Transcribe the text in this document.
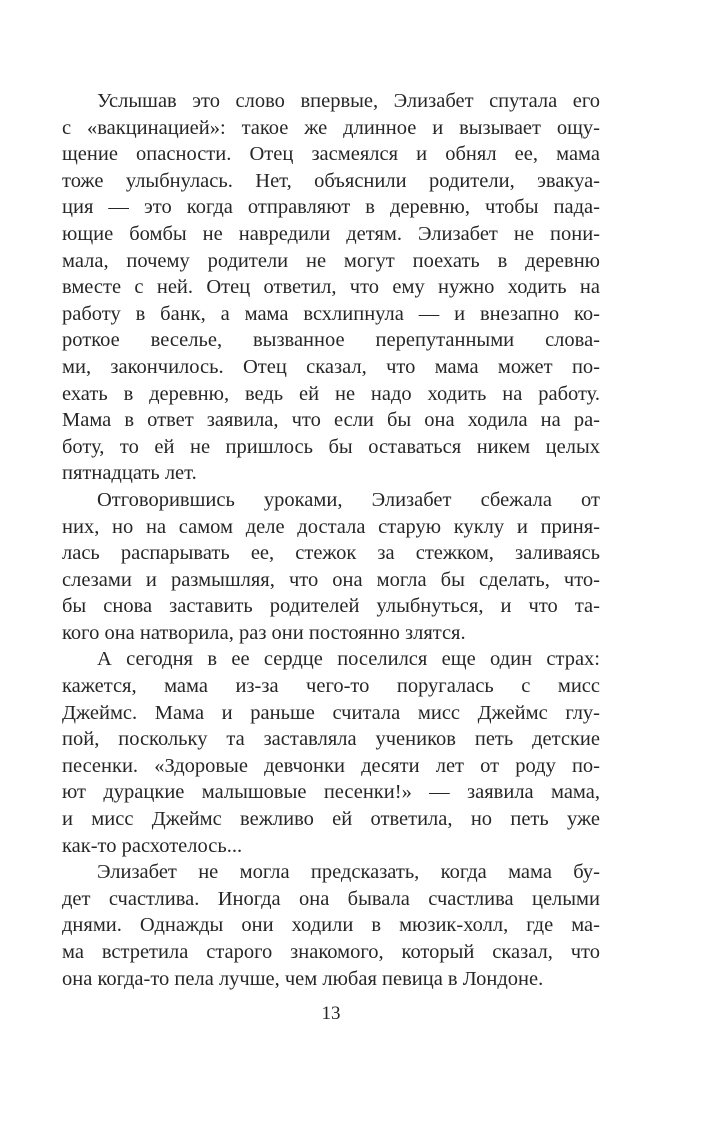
Услышав это слово впервые, Элизабет спутала его
с «вакцинацией»: такое же длинное и вызывает ощу-
щение опасности. Отец засмеялся и обнял ее, мама
тоже улыбнулась. Нет, объяснили родители, эвакуа-
ция — это когда отправляют в деревню, чтобы пада-
ющие бомбы не навредили детям. Элизабет не пони-
мала, почему родители не могут поехать в деревню
вместе с ней. Отец ответил, что ему нужно ходить на
работу в банк, а мама всхлипнула — и внезапно ко-
роткое веселье, вызванное перепутанными слова-
ми, закончилось. Отец сказал, что мама может по-
ехать в деревню, ведь ей не надо ходить на работу.
Мама в ответ заявила, что если бы она ходила на ра-
боту, то ей не пришлось бы оставаться никем целых
пятнадцать лет.
Отговорившись уроками, Элизабет сбежала от
них, но на самом деле достала старую куклу и приня-
лась распарывать ее, стежок за стежком, заливаясь
слезами и размышляя, что она могла бы сделать, что-
бы снова заставить родителей улыбнуться, и что та-
кого она натворила, раз они постоянно злятся.
А сегодня в ее сердце поселился еще один страх:
кажется, мама из-за чего-то поругалась с мисс
Джеймс. Мама и раньше считала мисс Джеймс глу-
пой, поскольку та заставляла учеников петь детские
песенки. «Здоровые девчонки десяти лет от роду по-
ют дурацкие малышовые песенки!» — заявила мама,
и мисс Джеймс вежливо ей ответила, но петь уже
как-то расхотелось...
Элизабет не могла предсказать, когда мама бу-
дет счастлива. Иногда она бывала счастлива целыми
днями. Однажды они ходили в мюзик-холл, где ма-
ма встретила старого знакомого, который сказал, что
она когда-то пела лучше, чем любая певица в Лондоне.
13
